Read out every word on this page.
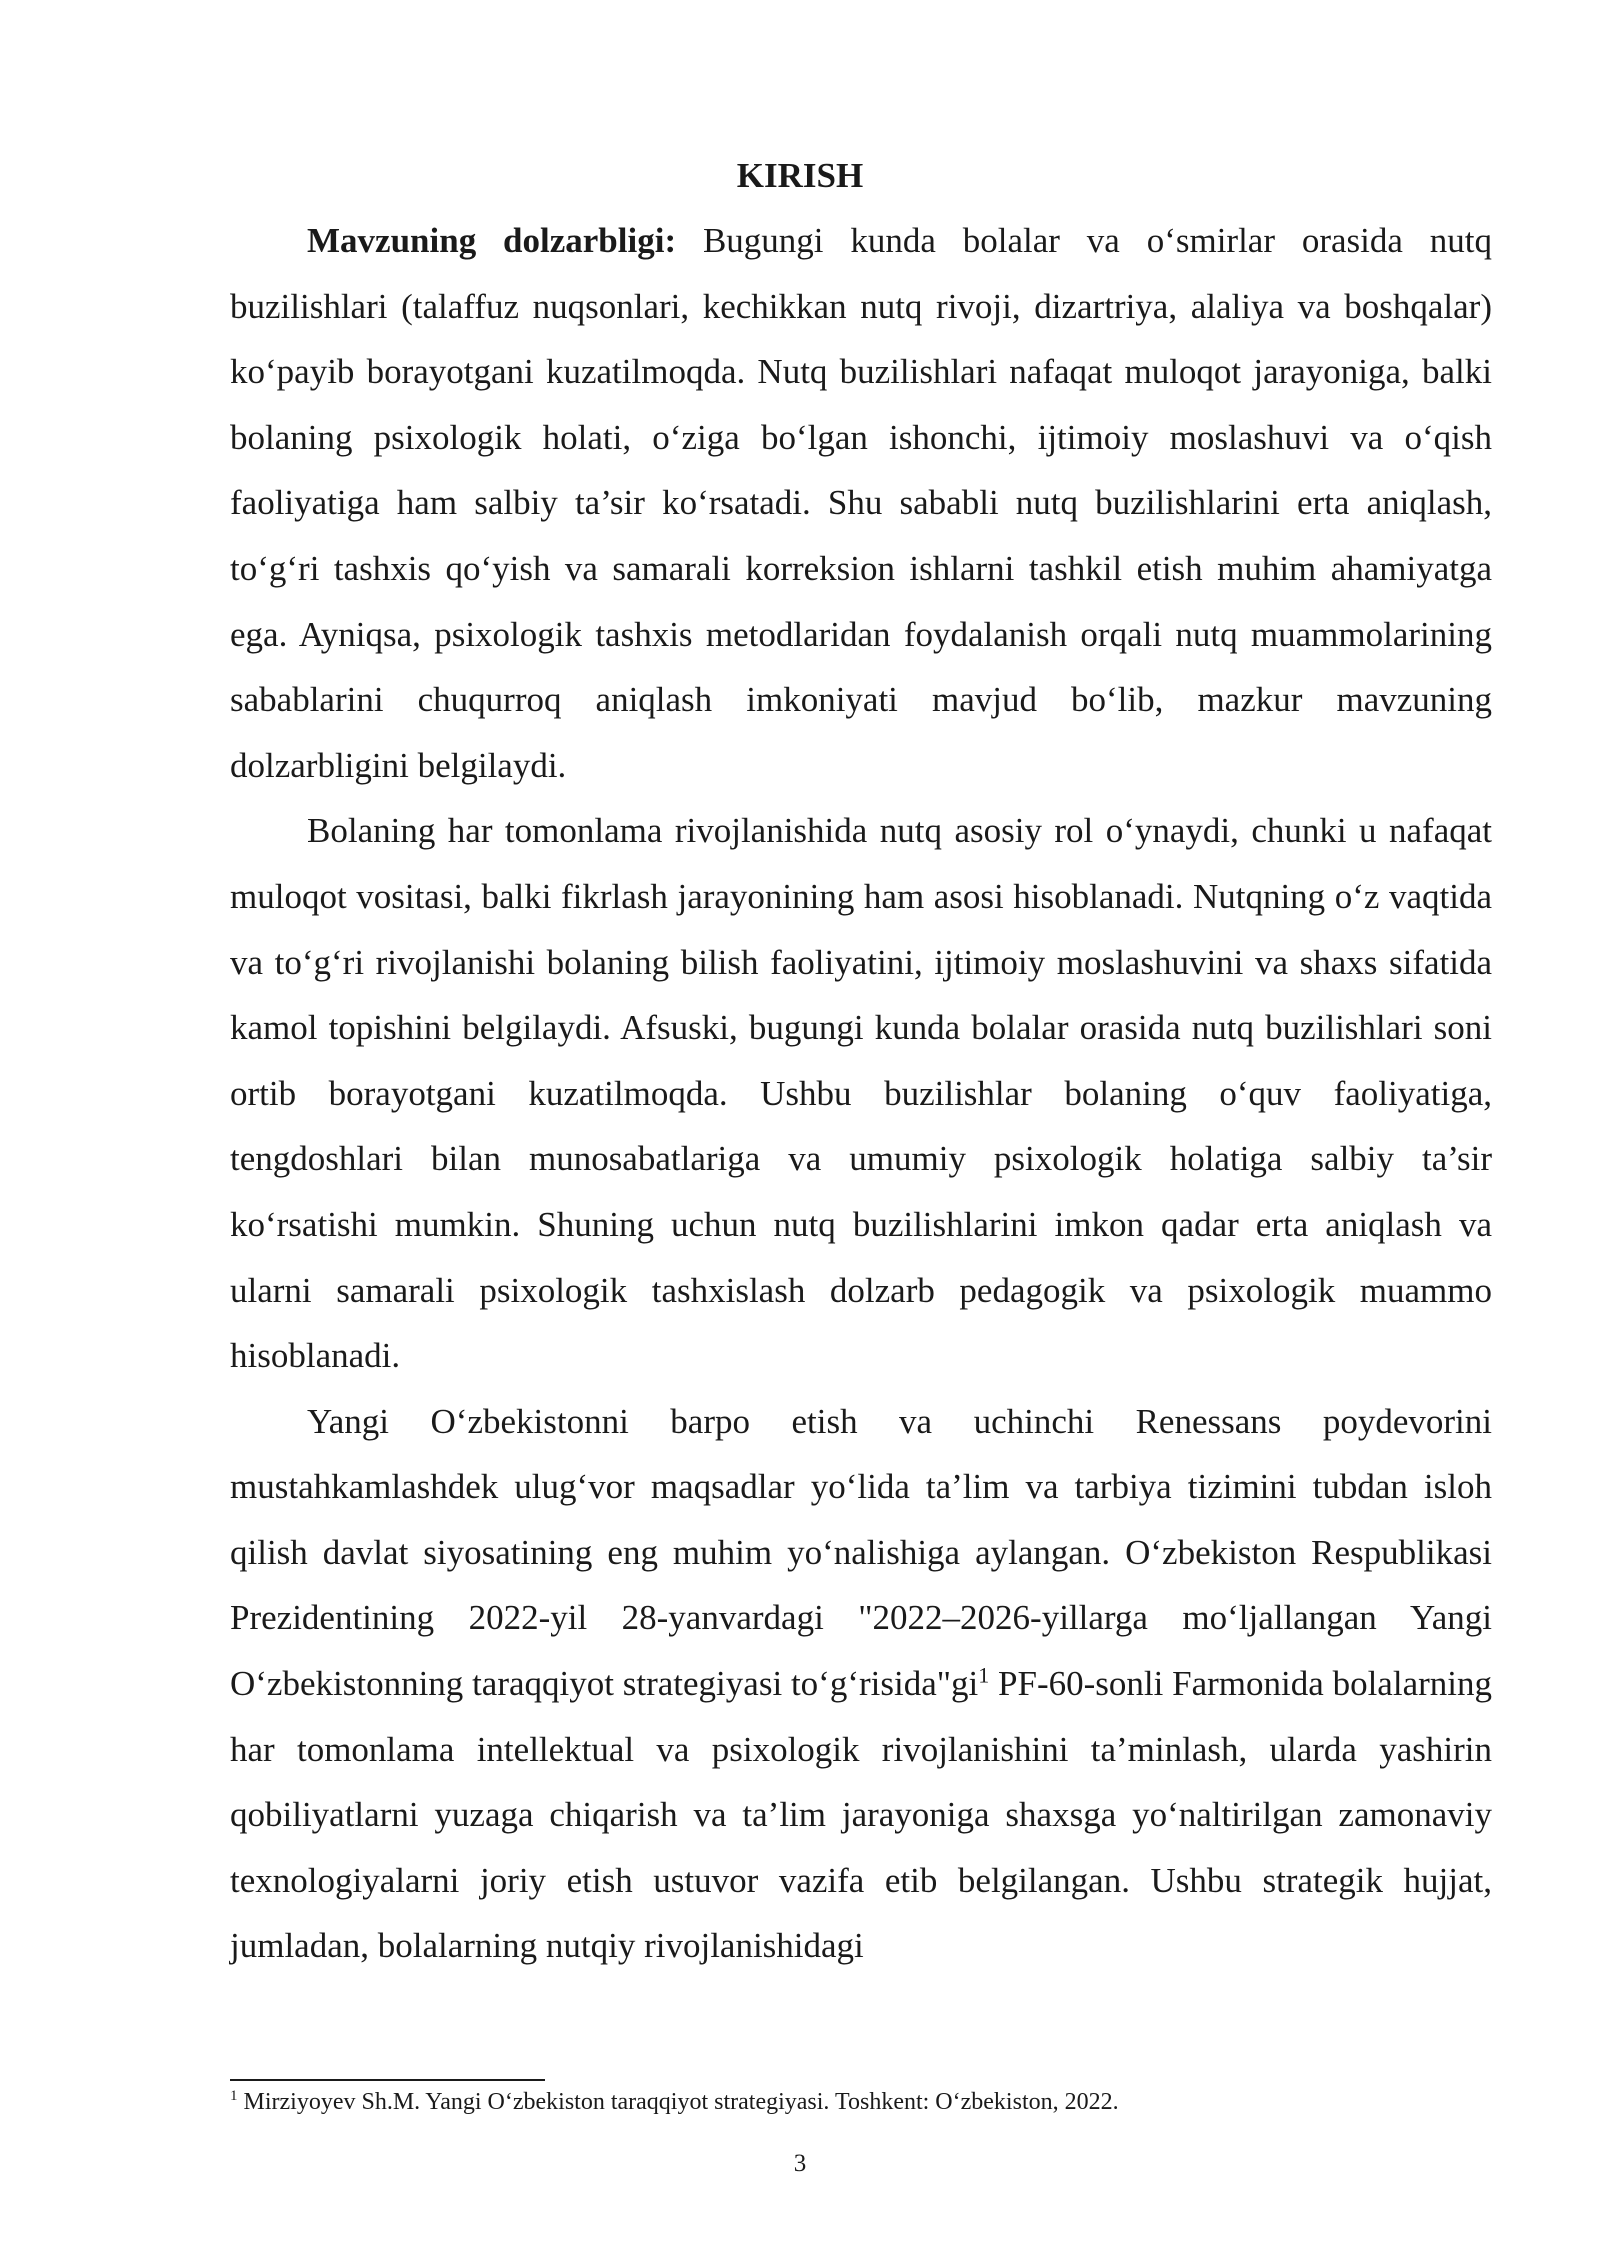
KIRISH

Mavzuning dolzarbligi: Bugungi kunda bolalar va o‘smirlar orasida nutq buzilishlari (talaffuz nuqsonlari, kechikkan nutq rivoji, dizartriya, alaliya va boshqalar) ko‘payib borayotgani kuzatilmoqda. Nutq buzilishlari nafaqat muloqot jarayoniga, balki bolaning psixologik holati, o‘ziga bo‘lgan ishonchi, ijtimoiy moslashuvi va o‘qish faoliyatiga ham salbiy ta’sir ko‘rsatadi. Shu sababli nutq buzilishlarini erta aniqlash, to‘g‘ri tashxis qo‘yish va samarali korreksion ishlarni tashkil etish muhim ahamiyatga ega. Ayniqsa, psixologik tashxis metodlaridan foydalanish orqali nutq muammolarining sabablarini chuqurroq aniqlash imkoniyati mavjud bo‘lib, mazkur mavzuning dolzarbligini belgilaydi.

Bolaning har tomonlama rivojlanishida nutq asosiy rol o‘ynaydi, chunki u nafaqat muloqot vositasi, balki fikrlash jarayonining ham asosi hisoblanadi. Nutqning o‘z vaqtida va to‘g‘ri rivojlanishi bolaning bilish faoliyatini, ijtimoiy moslashuvini va shaxs sifatida kamol topishini belgilaydi. Afsuski, bugungi kunda bolalar orasida nutq buzilishlari soni ortib borayotgani kuzatilmoqda. Ushbu buzilishlar bolaning o‘quv faoliyatiga, tengdoshlari bilan munosabatlariga va umumiy psixologik holatiga salbiy ta’sir ko‘rsatishi mumkin. Shuning uchun nutq buzilishlarini imkon qadar erta aniqlash va ularni samarali psixologik tashxislash dolzarb pedagogik va psixologik muammo hisoblanadi.

Yangi O‘zbekistonni barpo etish va uchinchi Renessans poydevorini mustahkamlashdek ulug‘vor maqsadlar yo‘lida ta’lim va tarbiya tizimini tubdan isloh qilish davlat siyosatining eng muhim yo‘nalishiga aylangan. O‘zbekiston Respublikasi Prezidentining 2022-yil 28-yanvardagi "2022–2026-yillarga mo‘ljallangan Yangi O‘zbekistonning taraqqiyot strategiyasi to‘g‘risida"gi$^1$ PF-60-sonli Farmonida bolalarning har tomonlama intellektual va psixologik rivojlanishini ta’minlash, ularda yashirin qobiliyatlarni yuzaga chiqarish va ta’lim jarayoniga shaxsga yo‘naltirilgan zamonaviy texnologiyalarni joriy etish ustuvor vazifa etib belgilangan. Ushbu strategik hujjat, jumladan, bolalarning nutqiy rivojlanishidagi

$^1$ Mirziyoyev Sh.M. Yangi O‘zbekiston taraqqiyot strategiyasi. Toshkent: O‘zbekiston, 2022.

3
